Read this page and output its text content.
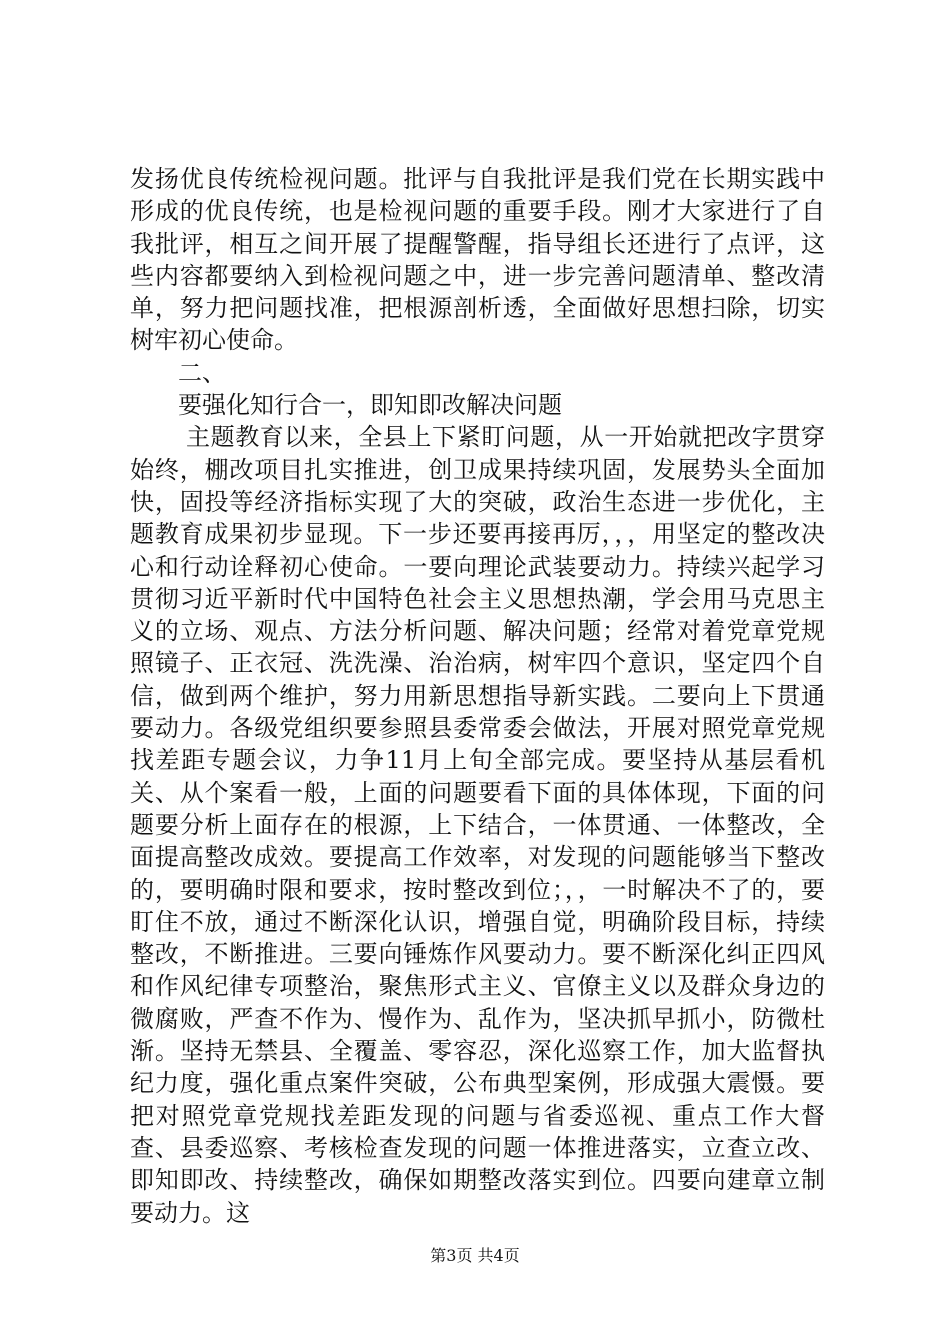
发扬优良传统检视问题。批评与自我批评是我们党在长期实践中形成的优良传统，也是检视问题的重要手段。刚才大家进行了自我批评，相互之间开展了提醒警醒，指导组长还进行了点评，这些内容都要纳入到检视问题之中，进一步完善问题清单、整改清单，努力把问题找准，把根源剖析透，全面做好思想扫除，切实树牢初心使命。

二、

要强化知行合一，即知即改解决问题

主题教育以来，全县上下紧盯问题，从一开始就把改字贯穿始终，棚改项目扎实推进，创卫成果持续巩固，发展势头全面加快，固投等经济指标实现了大的突破，政治生态进一步优化，主题教育成果初步显现。下一步还要再接再厉，，，用坚定的整改决心和行动诠释初心使命。一要向理论武装要动力。持续兴起学习贯彻习近平新时代中国特色社会主义思想热潮，学会用马克思主义的立场、观点、方法分析问题、解决问题；经常对着党章党规照镜子、正衣冠、洗洗澡、治治病，树牢四个意识，坚定四个自信，做到两个维护，努力用新思想指导新实践。二要向上下贯通要动力。各级党组织要参照县委常委会做法，开展对照党章党规找差距专题会议，力争11月上旬全部完成。要坚持从基层看机关、从个案看一般，上面的问题要看下面的具体体现，下面的问题要分析上面存在的根源，上下结合，一体贯通、一体整改，全面提高整改成效。要提高工作效率，对发现的问题能够当下整改的，要明确时限和要求，按时整改到位；，，一时解决不了的，要盯住不放，通过不断深化认识，增强自觉，明确阶段目标，持续整改，不断推进。三要向锤炼作风要动力。要不断深化纠正四风和作风纪律专项整治，聚焦形式主义、官僚主义以及群众身边的微腐败，严查不作为、慢作为、乱作为，坚决抓早抓小，防微杜渐。坚持无禁县、全覆盖、零容忍，深化巡察工作，加大监督执纪力度，强化重点案件突破，公布典型案例，形成强大震慑。要把对照党章党规找差距发现的问题与省委巡视、重点工作大督查、县委巡察、考核检查发现的问题一体推进落实，立查立改、即知即改、持续整改，确保如期整改落实到位。四要向建章立制要动力。这

第3页 共4页
